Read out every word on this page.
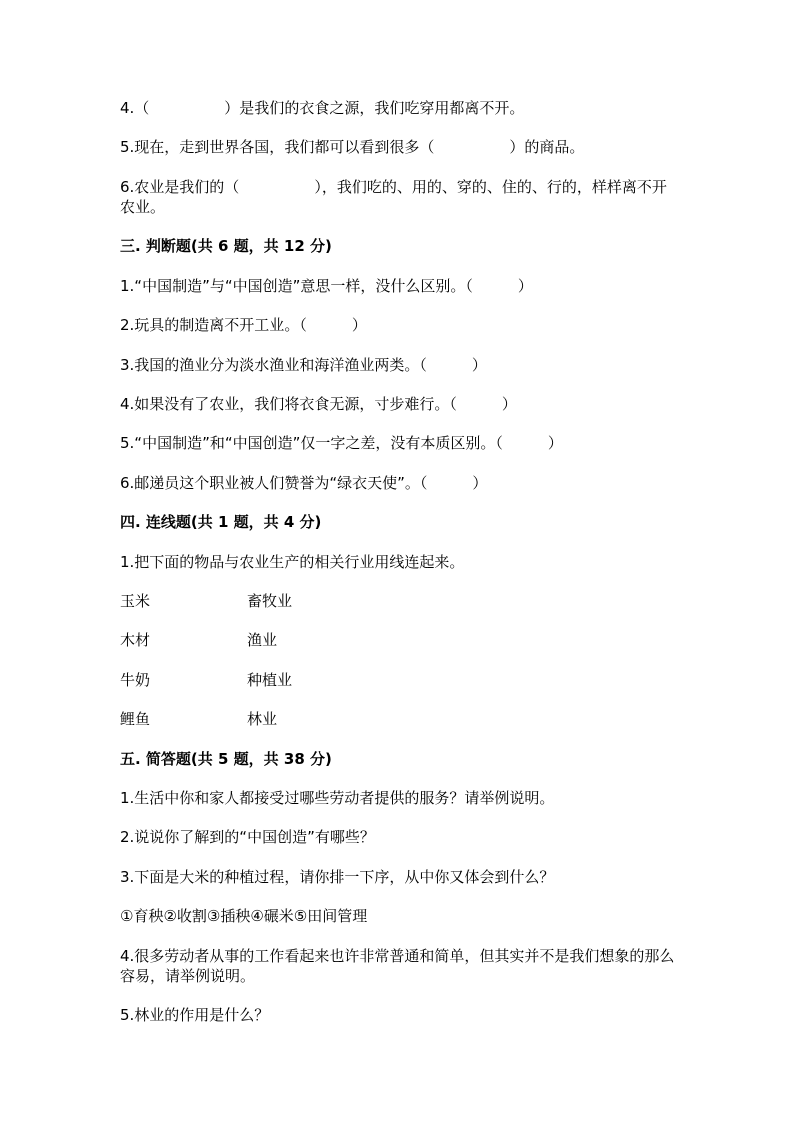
4.（　　　　　）是我们的衣食之源，我们吃穿用都离不开。
5.现在，走到世界各国，我们都可以看到很多（　　　　　）的商品。
6.农业是我们的（　　　　　），我们吃的、用的、穿的、住的、行的，样样离不开农业。
三. 判断题(共 6 题，共 12 分)
1.“中国制造”与“中国创造”意思一样，没什么区别。（　　　）
2.玩具的制造离不开工业。（　　　）
3.我国的渔业分为淡水渔业和海洋渔业两类。（　　　）
4.如果没有了农业，我们将衣食无源，寸步难行。（　　　）
5.“中国制造”和“中国创造”仅一字之差，没有本质区别。（　　　）
6.邮递员这个职业被人们赞誉为“绿衣天使”。（　　　）
四. 连线题(共 1 题，共 4 分)
1.把下面的物品与农业生产的相关行业用线连起来。
玉米	畜牧业
木材	渔业
牛奶	种植业
鲤鱼	林业
五. 简答题(共 5 题，共 38 分)
1.生活中你和家人都接受过哪些劳动者提供的服务？请举例说明。
2.说说你了解到的“中国创造”有哪些？
3.下面是大米的种植过程，请你排一下序，从中你又体会到什么？
①育秧②收割③插秧④碾米⑤田间管理
4.很多劳动者从事的工作看起来也许非常普通和简单，但其实并不是我们想象的那么容易，请举例说明。
5.林业的作用是什么？
